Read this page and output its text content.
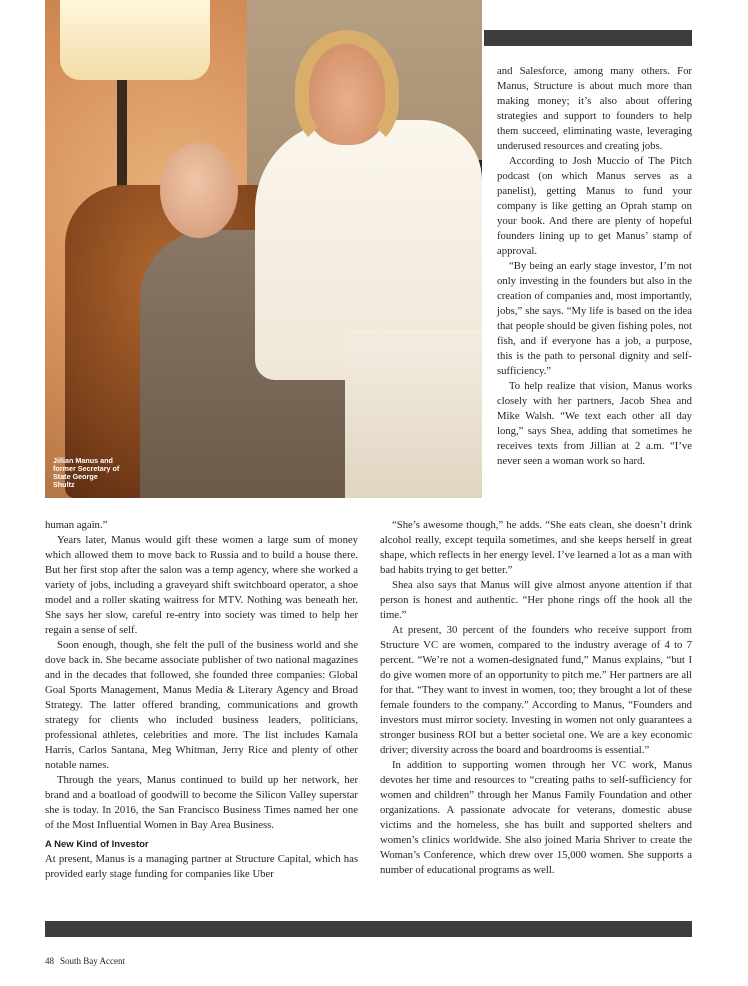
Jillian Manus and former Secretary of State George Shultz

and Salesforce, among many others. For Manus, Structure is about much more than making money; it’s also about offering strategies and support to founders to help them succeed, eliminating waste, leveraging underused resources and creating jobs.

According to Josh Muccio of The Pitch podcast (on which Manus serves as a panelist), getting Manus to fund your company is like getting an Oprah stamp on your book. And there are plenty of hopeful founders lining up to get Manus’ stamp of approval.

“By being an early stage investor, I’m not only investing in the founders but also in the creation of companies and, most importantly, jobs,” she says. “My life is based on the idea that people should be given fishing poles, not fish, and if everyone has a job, a purpose, this is the path to personal dignity and self-sufficiency.”

To help realize that vision, Manus works closely with her partners, Jacob Shea and Mike Walsh. “We text each other all day long,” says Shea, adding that sometimes he receives texts from Jillian at 2 a.m. “I’ve never seen a woman work so hard.

human again.”

Years later, Manus would gift these women a large sum of money which allowed them to move back to Russia and to build a house there. But her first stop after the salon was a temp agency, where she worked a variety of jobs, including a graveyard shift switchboard operator, a shoe model and a roller skating waitress for MTV. Nothing was beneath her. She says her slow, careful re-entry into society was timed to help her regain a sense of self.

Soon enough, though, she felt the pull of the business world and she dove back in. She became associate publisher of two national magazines and in the decades that followed, she founded three companies: Global Goal Sports Management, Manus Media & Literary Agency and Broad Strategy. The latter offered branding, communications and growth strategy for clients who included business leaders, politicians, professional athletes, celebrities and more. The list includes Kamala Harris, Carlos Santana, Meg Whitman, Jerry Rice and plenty of other notable names.

Through the years, Manus continued to build up her network, her brand and a boatload of goodwill to become the Silicon Valley superstar she is today. In 2016, the San Francisco Business Times named her one of the Most Influential Women in Bay Area Business.

A New Kind of Investor

At present, Manus is a managing partner at Structure Capital, which has provided early stage funding for companies like Uber

“She’s awesome though,” he adds. “She eats clean, she doesn’t drink alcohol really, except tequila sometimes, and she keeps herself in great shape, which reflects in her energy level. I’ve learned a lot as a man with bad habits trying to get better.”

Shea also says that Manus will give almost anyone attention if that person is honest and authentic. “Her phone rings off the hook all the time.”

At present, 30 percent of the founders who receive support from Structure VC are women, compared to the industry average of 4 to 7 percent. “We’re not a women-designated fund,” Manus explains, “but I do give women more of an opportunity to pitch me.” Her partners are all for that. “They want to invest in women, too; they brought a lot of these female founders to the company.” According to Manus, “Founders and investors must mirror society. Investing in women not only guarantees a stronger business ROI but a better societal one. We are a key economic driver; diversity across the board and boardrooms is essential.”

In addition to supporting women through her VC work, Manus devotes her time and resources to “creating paths to self-sufficiency for women and children” through her Manus Family Foundation and other organizations. A passionate advocate for veterans, domestic abuse victims and the homeless, she has built and supported shelters and women’s clinics worldwide. She also joined Maria Shriver to create the Woman’s Conference, which drew over 15,000 women. She supports a number of educational programs as well.

48 South Bay Accent
